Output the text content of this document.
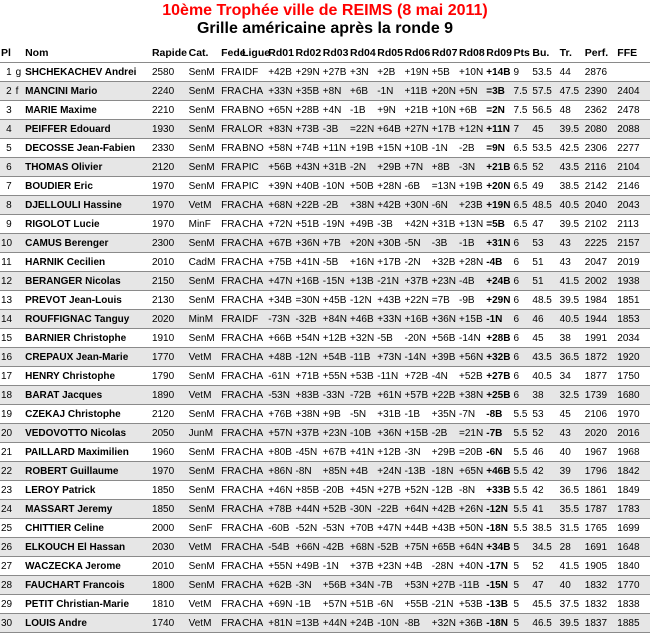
10ème Trophée ville de REIMS (8 mai 2011)
Grille américaine après la ronde 9
Pl		Nom	Rapide	Cat.	Fede	Ligue	Rd01	Rd02	Rd03	Rd04	Rd05	Rd06	Rd07	Rd08	Rd09	Pts	Bu.	Tr.	Perf.	FFE
1	g	SHCHEKACHEV Andrei	2580	SenM	FRA	IDF	+42B	+29N	+27B	+3N	+2B	+19N	+5B	+10N	+14B	9	53.5	44	2876	
2	f	MANCINI Mario	2240	SenM	FRA	CHA	+33N	+35B	+8N	+6B	-1N	+11B	+20N	+5N	=3B	7.5	57.5	47.5	2390	2404
3		MARIE Maxime	2210	SenM	FRA	BNO	+65N	+28B	+4N	-1B	+9N	+21B	+10N	+6B	=2N	7.5	56.5	48	2362	2478
4		PEIFFER Edouard	1930	SenM	FRA	LOR	+83N	+73B	-3B	=22N	+64B	+27N	+17B	+12N	+11N	7	45	39.5	2080	2088
5		DECOSSE Jean-Fabien	2330	SenM	FRA	BNO	+58N	+74B	+11N	+19B	+15N	+10B	-1N	-2B	=9N	6.5	53.5	42.5	2306	2277
6		THOMAS Olivier	2120	SenM	FRA	PIC	+56B	+43N	+31B	-2N	+29B	+7N	+8B	-3N	+21B	6.5	52	43.5	2116	2104
7		BOUDIER Eric	1970	SenM	FRA	PIC	+39N	+40B	-10N	+50B	+28N	-6B	=13N	+19B	+20N	6.5	49	38.5	2142	2146
8		DJELLOULI Hassine	1970	VetM	FRA	CHA	+68N	+22B	-2B	+38N	+42B	+30N	-6N	+23B	+19N	6.5	48.5	40.5	2040	2043
9		RIGOLOT Lucie	1970	MinF	FRA	CHA	+72N	+51B	-19N	+49B	-3B	+42N	+31B	+13N	=5B	6.5	47	39.5	2102	2113
10		CAMUS Berenger	2300	SenM	FRA	CHA	+67B	+36N	+7B	+20N	+30B	-5N	-3B	-1B	+31N	6	53	43	2225	2157
11		HARNIK Cecilien	2010	CadM	FRA	CHA	+75B	+41N	-5B	+16N	+17B	-2N	+32B	+28N	-4B	6	51	43	2047	2019
12		BERANGER Nicolas	2150	SenM	FRA	CHA	+47N	+16B	-15N	+13B	-21N	+37B	+23N	-4B	+24B	6	51	41.5	2002	1938
13		PREVOT Jean-Louis	2130	SenM	FRA	CHA	+34B	=30N	+45B	-12N	+43B	+22N	=7B	-9B	+29N	6	48.5	39.5	1984	1851
14		ROUFFIGNAC Tanguy	2020	MinM	FRA	IDF	-73N	-32B	+84N	+46B	+33N	+16B	+36N	+15B	-1N	6	46	40.5	1944	1853
15		BARNIER Christophe	1910	SenM	FRA	CHA	+66B	+54N	+12B	+32N	-5B	-20N	+56B	-14N	+28B	6	45	38	1991	2034
16		CREPAUX Jean-Marie	1770	VetM	FRA	CHA	+48B	-12N	+54B	-11B	+73N	-14N	+39B	+56N	+32B	6	43.5	36.5	1872	1920
17		HENRY Christophe	1790	SenM	FRA	CHA	-61N	+71B	+55N	+53B	-11N	+72B	-4N	+52B	+27B	6	40.5	34	1877	1750
18		BARAT Jacques	1890	VetM	FRA	CHA	-53N	+83B	-33N	-72B	+61N	+57B	+22B	+38N	+25B	6	38	32.5	1739	1680
19		CZEKAJ Christophe	2120	SenM	FRA	CHA	+76B	+38N	+9B	-5N	+31B	-1B	+35N	-7N	-8B	5.5	53	45	2106	1970
20		VEDOVOTTO Nicolas	2050	JunM	FRA	CHA	+57N	+37B	+23N	-10B	+36N	+15B	-2B	=21N	-7B	5.5	52	43	2020	2016
21		PAILLARD Maximilien	1960	SenM	FRA	CHA	+80B	-45N	+67B	+41N	+12B	-3N	+29B	=20B	-6N	5.5	46	40	1967	1968
22		ROBERT Guillaume	1970	SenM	FRA	CHA	+86N	-8N	+85N	+4B	+24N	-13B	-18N	+65N	+46B	5.5	42	39	1796	1842
23		LEROY Patrick	1850	SenM	FRA	CHA	+46N	+85B	-20B	+45N	+27B	+52N	-12B	-8N	+33B	5.5	42	36.5	1861	1849
24		MASSART Jeremy	1850	SenM	FRA	CHA	+78B	+44N	+52B	-30N	-22B	+64N	+42B	+26N	-12N	5.5	41	35.5	1787	1783
25		CHITTIER Celine	2000	SenF	FRA	CHA	-60B	-52N	-53N	+70B	+47N	+44B	+43B	+50N	-18N	5.5	38.5	31.5	1765	1699
26		ELKOUCH El Hassan	2030	VetM	FRA	CHA	-54B	+66N	-42B	+68N	-52B	+75N	+65B	+64N	+34B	5	34.5	28	1691	1648
27		WACZECKA Jerome	2010	SenM	FRA	CHA	+55N	+49B	-1N	+37B	+23N	+4B	-28N	+40N	-17N	5	52	41.5	1905	1840
28		FAUCHART Francois	1800	SenM	FRA	CHA	+62B	-3N	+56B	+34N	-7B	+53N	+27B	-11B	-15N	5	47	40	1832	1770
29		PETIT Christian-Marie	1810	VetM	FRA	CHA	+69N	-1B	+57N	+51B	-6N	+55B	-21N	+53B	-13B	5	45.5	37.5	1832	1838
30		LOUIS Andre	1740	VetM	FRA	CHA	+81N	=13B	+44N	+24B	-10N	-8B	+32N	+36B	-18N	5	46.5	39.5	1837	1885
